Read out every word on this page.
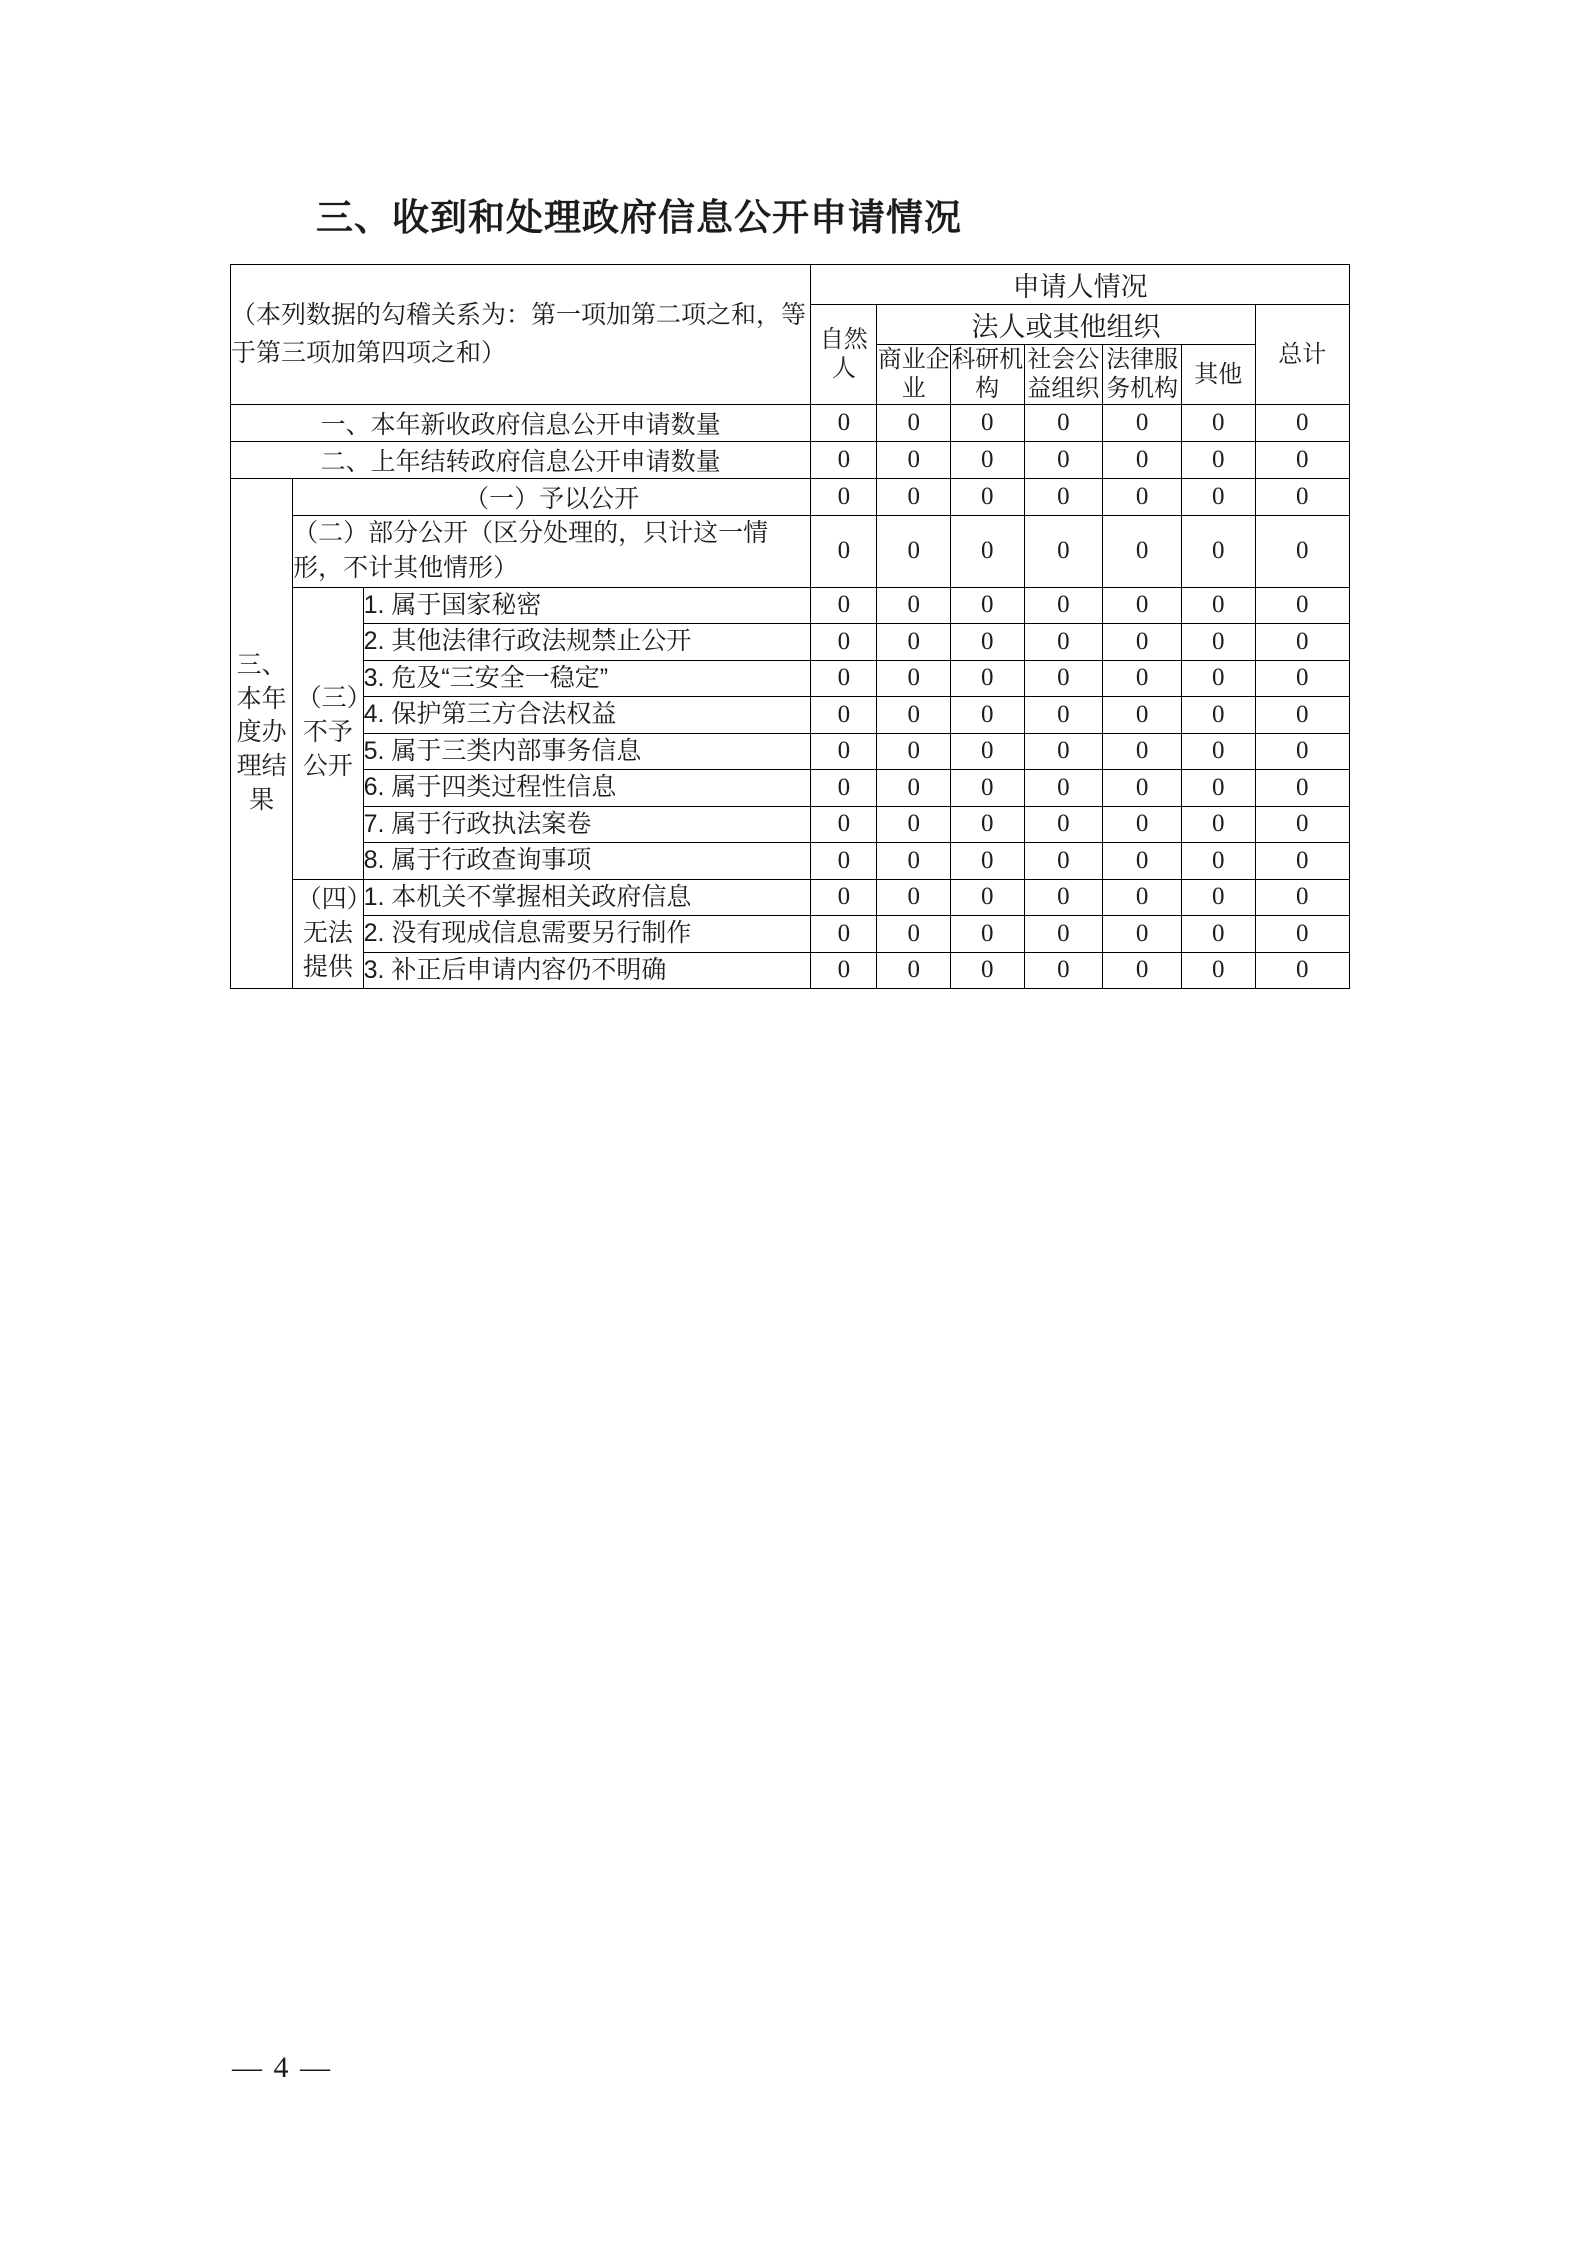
三、收到和处理政府信息公开申请情况
（本列数据的勾稽关系为：第一项加第二项之和，等于第三项加第四项之和）			申请人情况						
			自然人	法人或其他组织					总计
				商业企业	科研机构	社会公益组织	法律服务机构	其他	
一、本年新收政府信息公开申请数量			0	0	0	0	0	0	0
二、上年结转政府信息公开申请数量			0	0	0	0	0	0	0
三、本年度办理结果	（一）予以公开		0	0	0	0	0	0	0
	（二）部分公开（区分处理的，只计这一情形，不计其他情形）		0	0	0	0	0	0	0
	（三）不予公开	1. 属于国家秘密	0	0	0	0	0	0	0
		2. 其他法律行政法规禁止公开	0	0	0	0	0	0	0
		3. 危及“三安全一稳定”	0	0	0	0	0	0	0
		4. 保护第三方合法权益	0	0	0	0	0	0	0
		5. 属于三类内部事务信息	0	0	0	0	0	0	0
		6. 属于四类过程性信息	0	0	0	0	0	0	0
		7. 属于行政执法案卷	0	0	0	0	0	0	0
		8. 属于行政查询事项	0	0	0	0	0	0	0
	（四）无法提供	1. 本机关不掌握相关政府信息	0	0	0	0	0	0	0
		2. 没有现成信息需要另行制作	0	0	0	0	0	0	0
		3. 补正后申请内容仍不明确	0	0	0	0	0	0	0
— 4 —
